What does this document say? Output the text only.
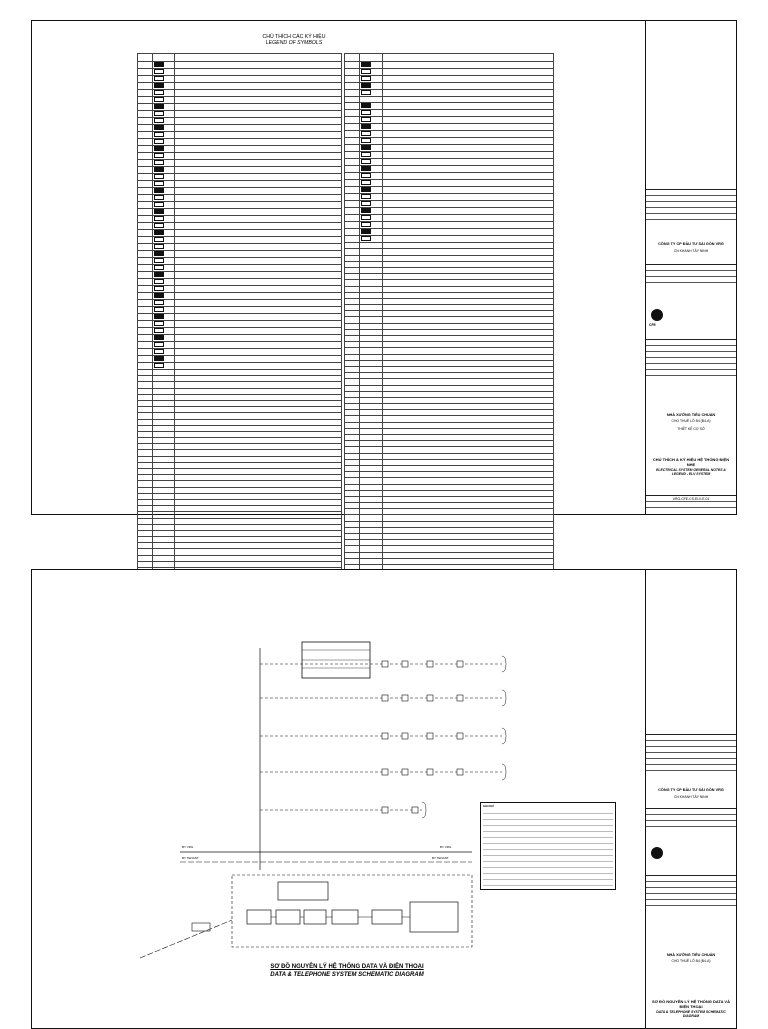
CHÚ THÍCH CÁC KÝ HIỆU
LEGEND OF SYMBOLS

CÔNG TY CP ĐẦU TƯ SÀI GÒN VRG
CN KHANH TÂY NINH
CFE
NHÀ XƯỞNG TIÊU CHUẨN
CHO THUÊ LÔ B4 (B4-A)
THIẾT KẾ CƠ SỞ
CHÚ THÍCH & KÝ HIỆU HỆ THỐNG ĐIỆN NHẸ
ELECTRICAL SYSTEM GENERAL NOTES & LEGEND - ELV SYSTEM
VRG-CFE-CS-ELV-E-01
BY VRG	BY VRG
BY TENANT	BY TENANT
GHI CHÚ
SƠ ĐỒ NGUYÊN LÝ HỆ THỐNG DATA VÀ ĐIỆN THOẠI
DATA & TELEPHONE SYSTEM SCHEMATIC DIAGRAM
CÔNG TY CP ĐẦU TƯ SÀI GÒN VRG
CN KHANH TÂY NINH
NHÀ XƯỞNG TIÊU CHUẨN
CHO THUÊ LÔ B4 (B4-A)
SƠ ĐỒ NGUYÊN LÝ HỆ THỐNG DATA VÀ ĐIỆN THOẠI
DATA & TELEPHONE SYSTEM SCHEMATIC DIAGRAM
